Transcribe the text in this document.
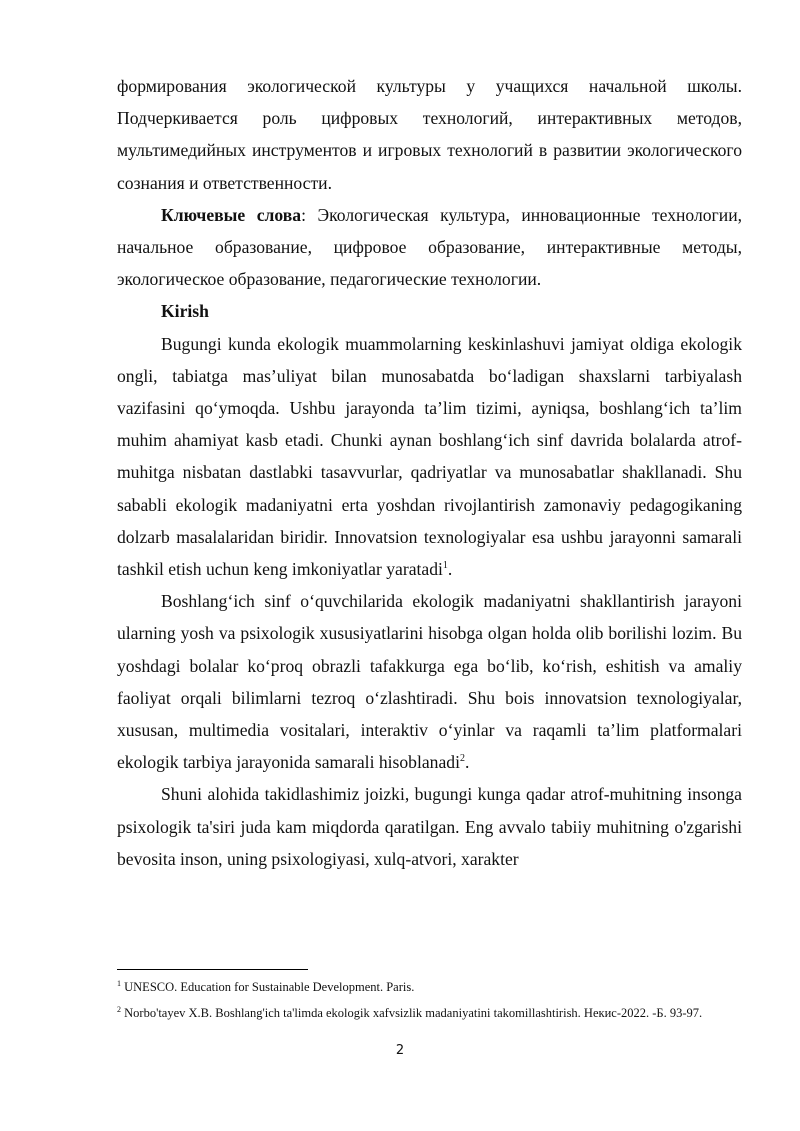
формирования экологической культуры у учащихся начальной школы. Подчеркивается роль цифровых технологий, интерактивных методов, мультимедийных инструментов и игровых технологий в развитии экологического сознания и ответственности.

Ключевые слова: Экологическая культура, инновационные технологии, начальное образование, цифровое образование, интерактивные методы, экологическое образование, педагогические технологии.

Kirish

Bugungi kunda ekologik muammolarning keskinlashuvi jamiyat oldiga ekologik ongli, tabiatga mas’uliyat bilan munosabatda bo‘ladigan shaxslarni tarbiyalash vazifasini qo‘ymoqda. Ushbu jarayonda ta’lim tizimi, ayniqsa, boshlang‘ich ta’lim muhim ahamiyat kasb etadi. Chunki aynan boshlang‘ich sinf davrida bolalarda atrof-muhitga nisbatan dastlabki tasavvurlar, qadriyatlar va munosabatlar shakllanadi. Shu sababli ekologik madaniyatni erta yoshdan rivojlantirish zamonaviy pedagogikaning dolzarb masalalaridan biridir. Innovatsion texnologiyalar esa ushbu jarayonni samarali tashkil etish uchun keng imkoniyatlar yaratadi$^1$.

Boshlang‘ich sinf o‘quvchilarida ekologik madaniyatni shakllantirish jarayoni ularning yosh va psixologik xususiyatlarini hisobga olgan holda olib borilishi lozim. Bu yoshdagi bolalar ko‘proq obrazli tafakkurga ega bo‘lib, ko‘rish, eshitish va amaliy faoliyat orqali bilimlarni tezroq o‘zlashtiradi. Shu bois innovatsion texnologiyalar, xususan, multimedia vositalari, interaktiv o‘yinlar va raqamli ta’lim platformalari ekologik tarbiya jarayonida samarali hisoblanadi$^2$.

Shuni alohida takidlashimiz joizki, bugungi kunga qadar atrof-muhitning insonga psixologik ta'siri juda kam miqdorda qaratilgan. Eng avvalo tabiiy muhitning o'zgarishi bevosita inson, uning psixologiyasi, xulq-atvori, xarakter

$^1$ UNESCO. Education for Sustainable Development. Paris.

$^2$ Norbo'tayev X.B. Boshlang'ich ta'limda ekologik xafvsizlik madaniyatini takomillashtirish. Некис-2022. -Б. 93-97.

2
